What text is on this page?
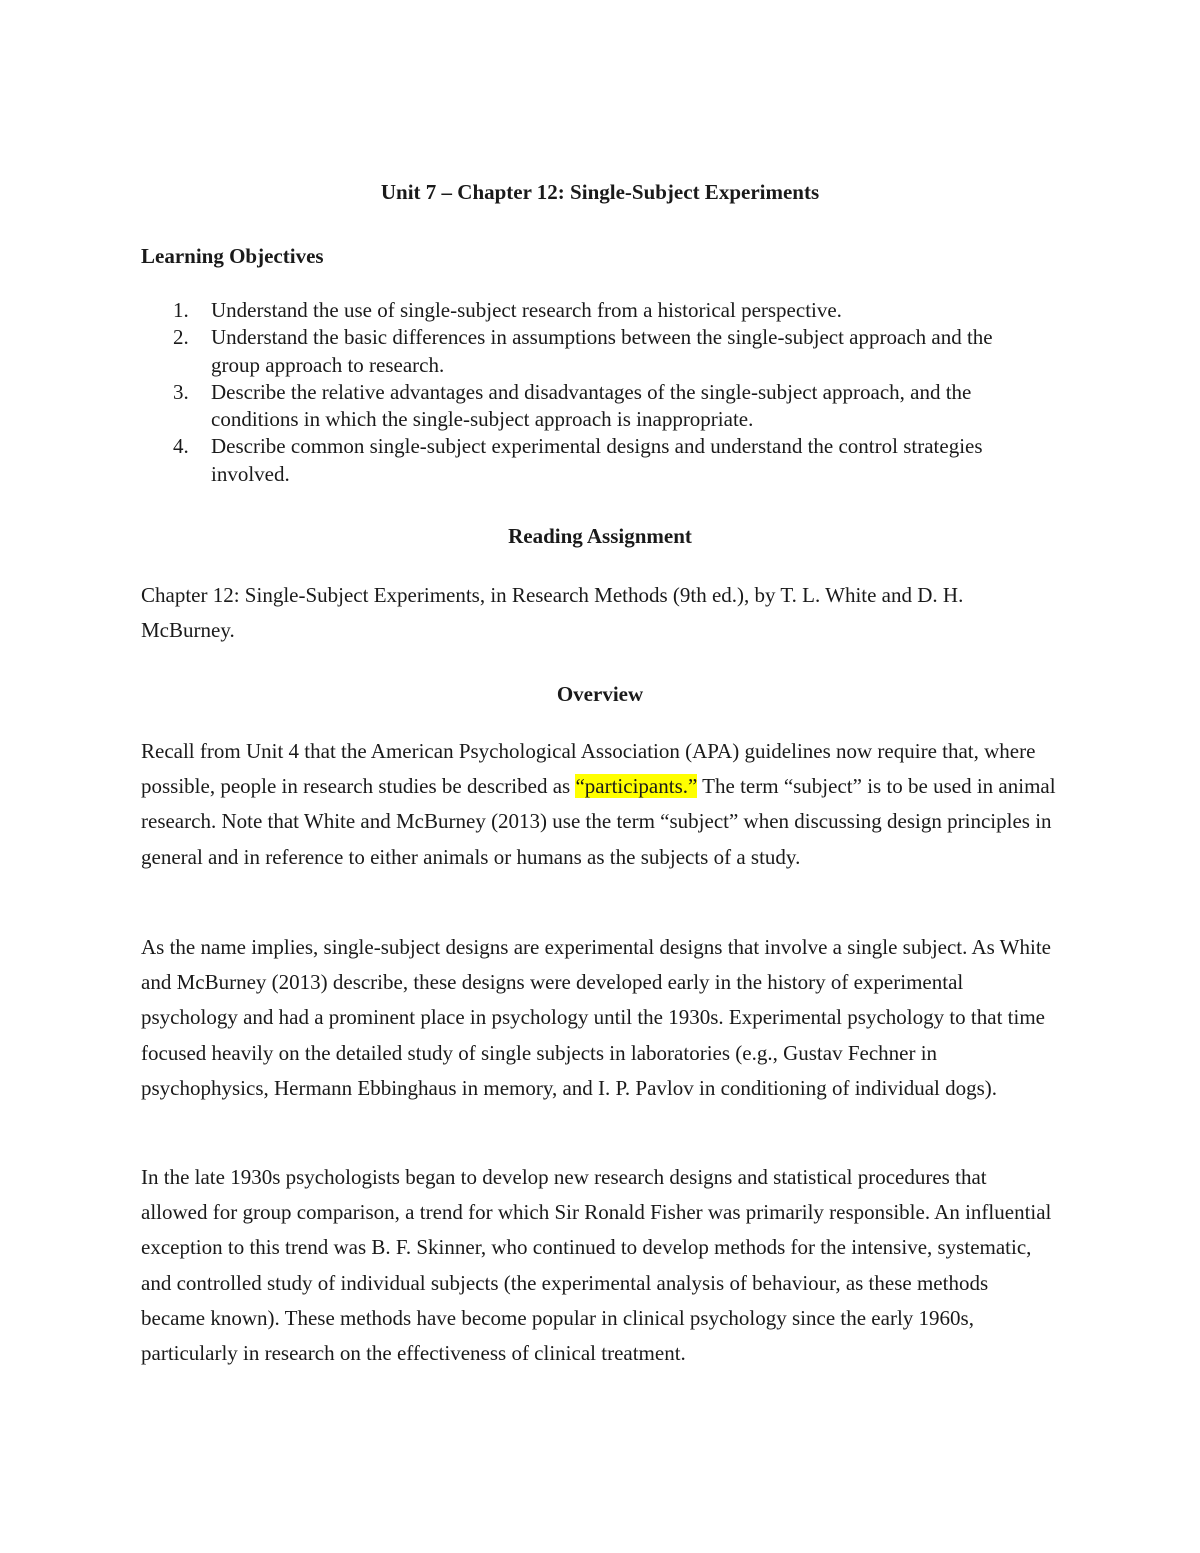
Unit 7 – Chapter 12: Single-Subject Experiments
Learning Objectives
1. Understand the use of single-subject research from a historical perspective.
2. Understand the basic differences in assumptions between the single-subject approach and the group approach to research.
3. Describe the relative advantages and disadvantages of the single-subject approach, and the conditions in which the single-subject approach is inappropriate.
4. Describe common single-subject experimental designs and understand the control strategies involved.
Reading Assignment

Chapter 12: Single-Subject Experiments, in Research Methods (9th ed.), by T. L. White and D. H. McBurney.

Overview

Recall from Unit 4 that the American Psychological Association (APA) guidelines now require that, where possible, people in research studies be described as “participants.” The term “subject” is to be used in animal research. Note that White and McBurney (2013) use the term “subject” when discussing design principles in general and in reference to either animals or humans as the subjects of a study.

As the name implies, single-subject designs are experimental designs that involve a single subject. As White and McBurney (2013) describe, these designs were developed early in the history of experimental psychology and had a prominent place in psychology until the 1930s. Experimental psychology to that time focused heavily on the detailed study of single subjects in laboratories (e.g., Gustav Fechner in psychophysics, Hermann Ebbinghaus in memory, and I. P. Pavlov in conditioning of individual dogs).

In the late 1930s psychologists began to develop new research designs and statistical procedures that allowed for group comparison, a trend for which Sir Ronald Fisher was primarily responsible. An influential exception to this trend was B. F. Skinner, who continued to develop methods for the intensive, systematic, and controlled study of individual subjects (the experimental analysis of behaviour, as these methods became known). These methods have become popular in clinical psychology since the early 1960s, particularly in research on the effectiveness of clinical treatment.
